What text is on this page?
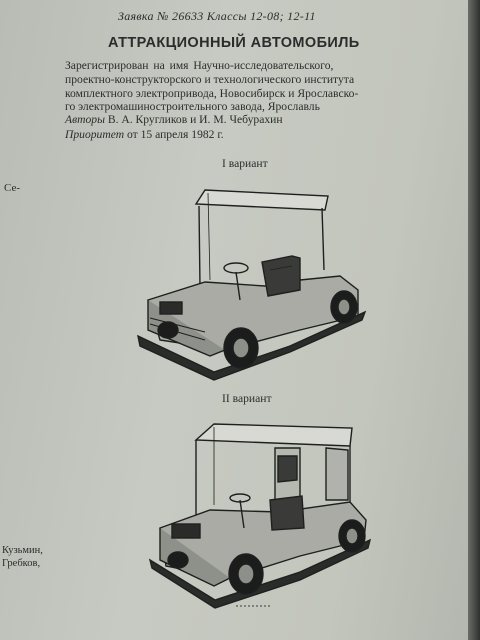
Заявка № 26633 Классы 12-08; 12-11
АТТРАКЦИОННЫЙ АВТОМОБИЛЬ
Зарегистрирован на имя Научно-исследовательского,
проектно-конструкторского и технологического института
комплектного электропривода, Новосибирск и Ярославско-
го электромашиностроительного завода, Ярославль
Авторы В. А. Кругликов и И. М. Чебурахин
Приоритет от 15 апреля 1982 г.
I вариант
II вариант
Се-
Кузьмин,
Гребков,
